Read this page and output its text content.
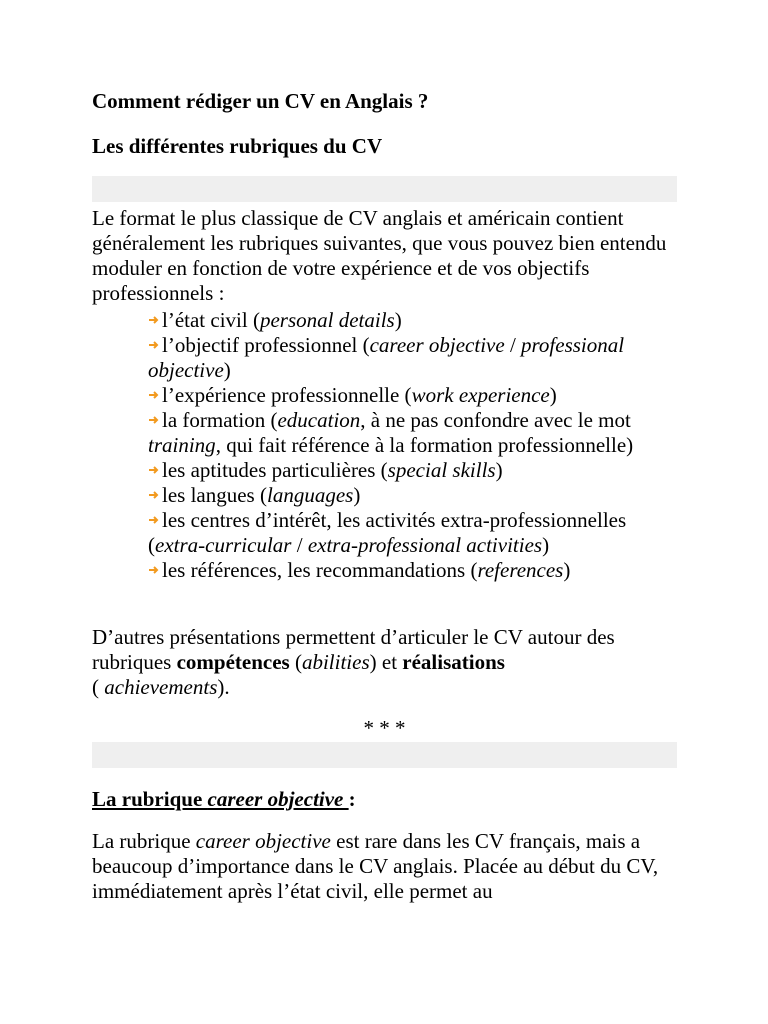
Comment rédiger un CV en Anglais ?
Les différentes rubriques du CV

Le format le plus classique de CV anglais et américain contient généralement les rubriques suivantes, que vous pouvez bien entendu moduler en fonction de votre expérience et de vos objectifs professionnels :

l’état civil (personal details)
l’objectif professionnel (career objective / professional objective)
l’expérience professionnelle (work experience)
la formation (education, à ne pas confondre avec le mot training, qui fait référence à la formation professionnelle)
les aptitudes particulières (special skills)
les langues (languages)
les centres d’intérêt, les activités extra-professionnelles (extra-curricular / extra-professional activities)
les références, les recommandations (references)

D’autres présentations permettent d’articuler le CV autour des rubriques compétences (abilities) et réalisations
( achievements).

* * *
La rubrique career objective :

La rubrique career objective est rare dans les CV français, mais a beaucoup d’importance dans le CV anglais. Placée au début du CV, immédiatement après l’état civil, elle permet au
